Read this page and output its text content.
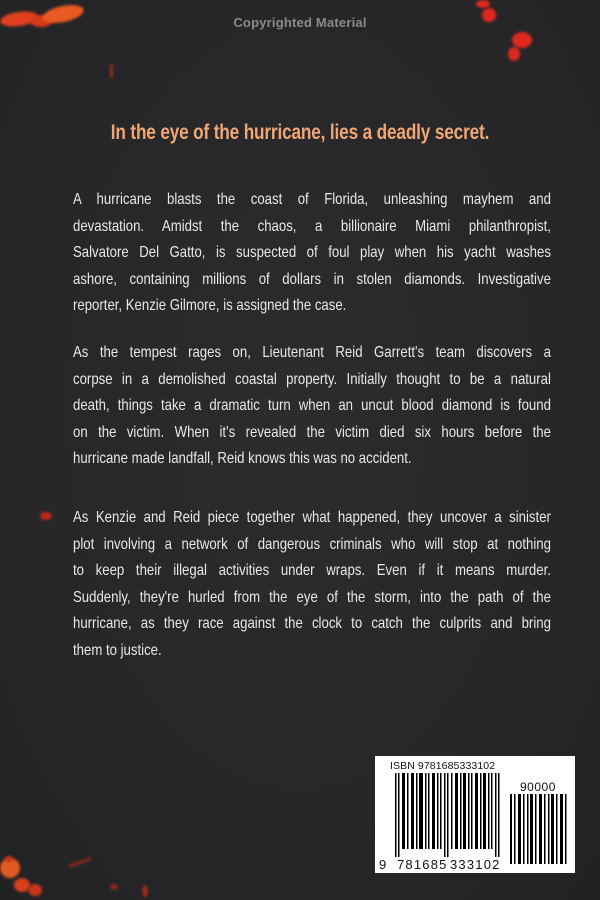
Copyrighted Material
In the eye of the hurricane, lies a deadly secret.
A hurricane blasts the coast of Florida, unleashing mayhem and
devastation. Amidst the chaos, a billionaire Miami philanthropist,
Salvatore Del Gatto, is suspected of foul play when his yacht washes
ashore, containing millions of dollars in stolen diamonds. Investigative
reporter, Kenzie Gilmore, is assigned the case.
As the tempest rages on, Lieutenant Reid Garrett's team discovers a
corpse in a demolished coastal property. Initially thought to be a natural
death, things take a dramatic turn when an uncut blood diamond is found
on the victim. When it's revealed the victim died six hours before the
hurricane made landfall, Reid knows this was no accident.
As Kenzie and Reid piece together what happened, they uncover a sinister
plot involving a network of dangerous criminals who will stop at nothing
to keep their illegal activities under wraps. Even if it means murder.
Suddenly, they're hurled from the eye of the storm, into the path of the
hurricane, as they race against the clock to catch the culprits and bring
them to justice.
ISBN 9781685333102
90000
9 781685 333102
